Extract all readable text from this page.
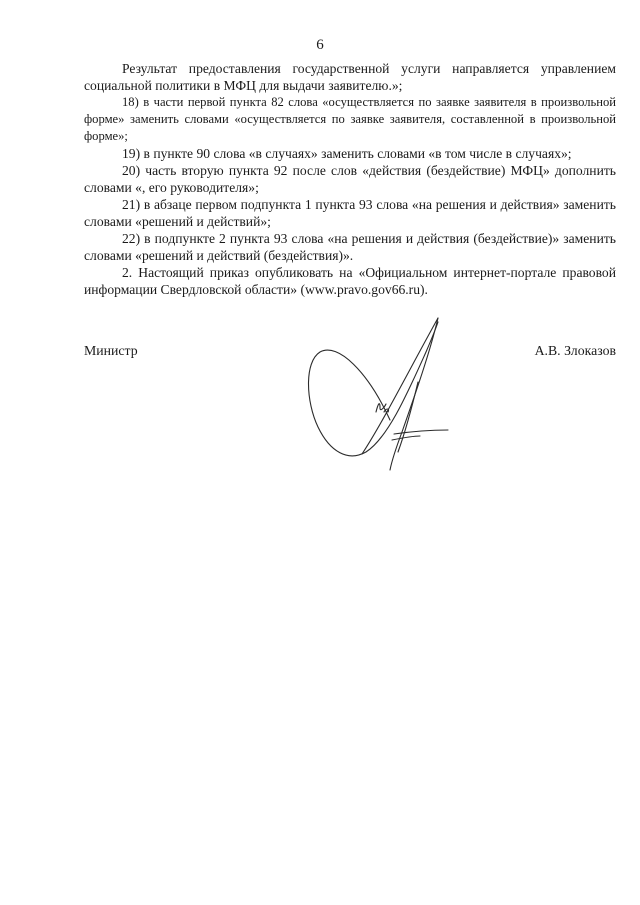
6

Результат предоставления государственной услуги направляется управлением социальной политики в МФЦ для выдачи заявителю.»;

18) в части первой пункта 82 слова «осуществляется по заявке заявителя в произвольной форме» заменить словами «осуществляется по заявке заявителя, составленной в произвольной форме»;

19) в пункте 90 слова «в случаях» заменить словами «в том числе в случаях»;

20) часть вторую пункта 92 после слов «действия (бездействие) МФЦ» дополнить словами «, его руководителя»;

21) в абзаце первом подпункта 1 пункта 93 слова «на решения и действия» заменить словами «решений и действий»;

22) в подпункте 2 пункта 93 слова «на решения и действия (бездействие)» заменить словами «решений и действий (бездействия)».

2. Настоящий приказ опубликовать на «Официальном интернет-портале правовой информации Свердловской области» (www.pravo.gov66.ru).

Министр	А.В. Злоказов
